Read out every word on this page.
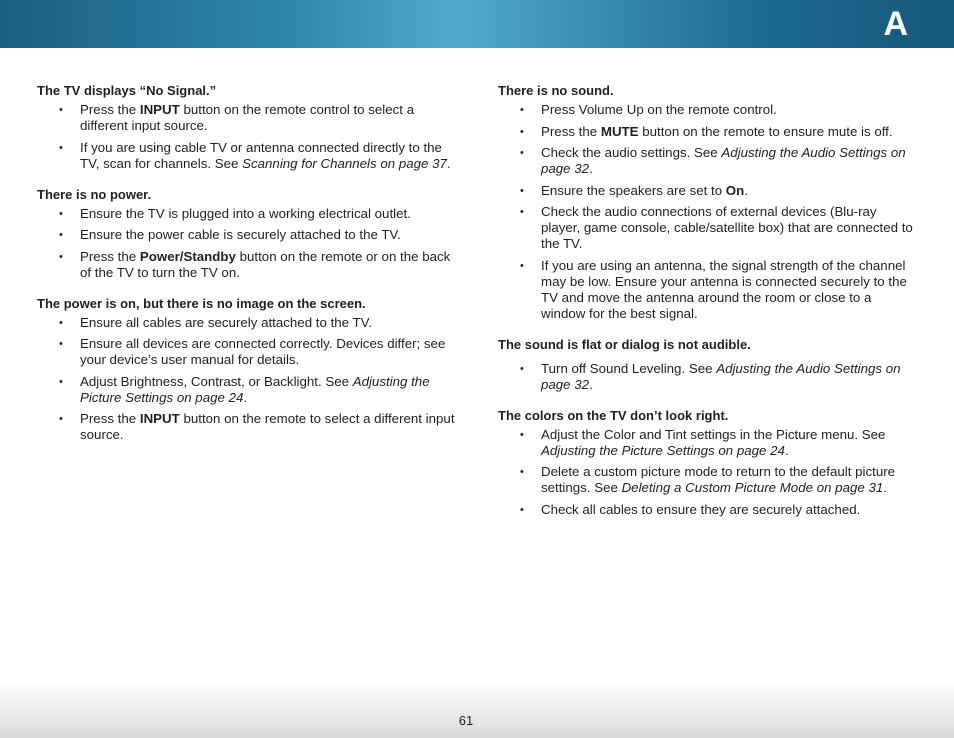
A
The TV displays “No Signal.”
• Press the INPUT button on the remote control to select a different input source.
• If you are using cable TV or antenna connected directly to the TV, scan for channels. See Scanning for Channels on page 37.
There is no power.
• Ensure the TV is plugged into a working electrical outlet.
• Ensure the power cable is securely attached to the TV.
• Press the Power/Standby button on the remote or on the back of the TV to turn the TV on.
The power is on, but there is no image on the screen.
• Ensure all cables are securely attached to the TV.
• Ensure all devices are connected correctly. Devices differ; see your device’s user manual for details.
• Adjust Brightness, Contrast, or Backlight. See Adjusting the Picture Settings on page 24.
• Press the INPUT button on the remote to select a different input source.
There is no sound.
• Press Volume Up on the remote control.
• Press the MUTE button on the remote to ensure mute is off.
• Check the audio settings. See Adjusting the Audio Settings on page 32.
• Ensure the speakers are set to On.
• Check the audio connections of external devices (Blu-ray player, game console, cable/satellite box) that are connected to the TV.
• If you are using an antenna, the signal strength of the channel may be low. Ensure your antenna is connected securely to the TV and move the antenna around the room or close to a window for the best signal.
The sound is flat or dialog is not audible.
• Turn off Sound Leveling. See Adjusting the Audio Settings on page 32.
The colors on the TV don’t look right.
• Adjust the Color and Tint settings in the Picture menu. See Adjusting the Picture Settings on page 24.
• Delete a custom picture mode to return to the default picture settings. See Deleting a Custom Picture Mode on page 31.
• Check all cables to ensure they are securely attached.
61
